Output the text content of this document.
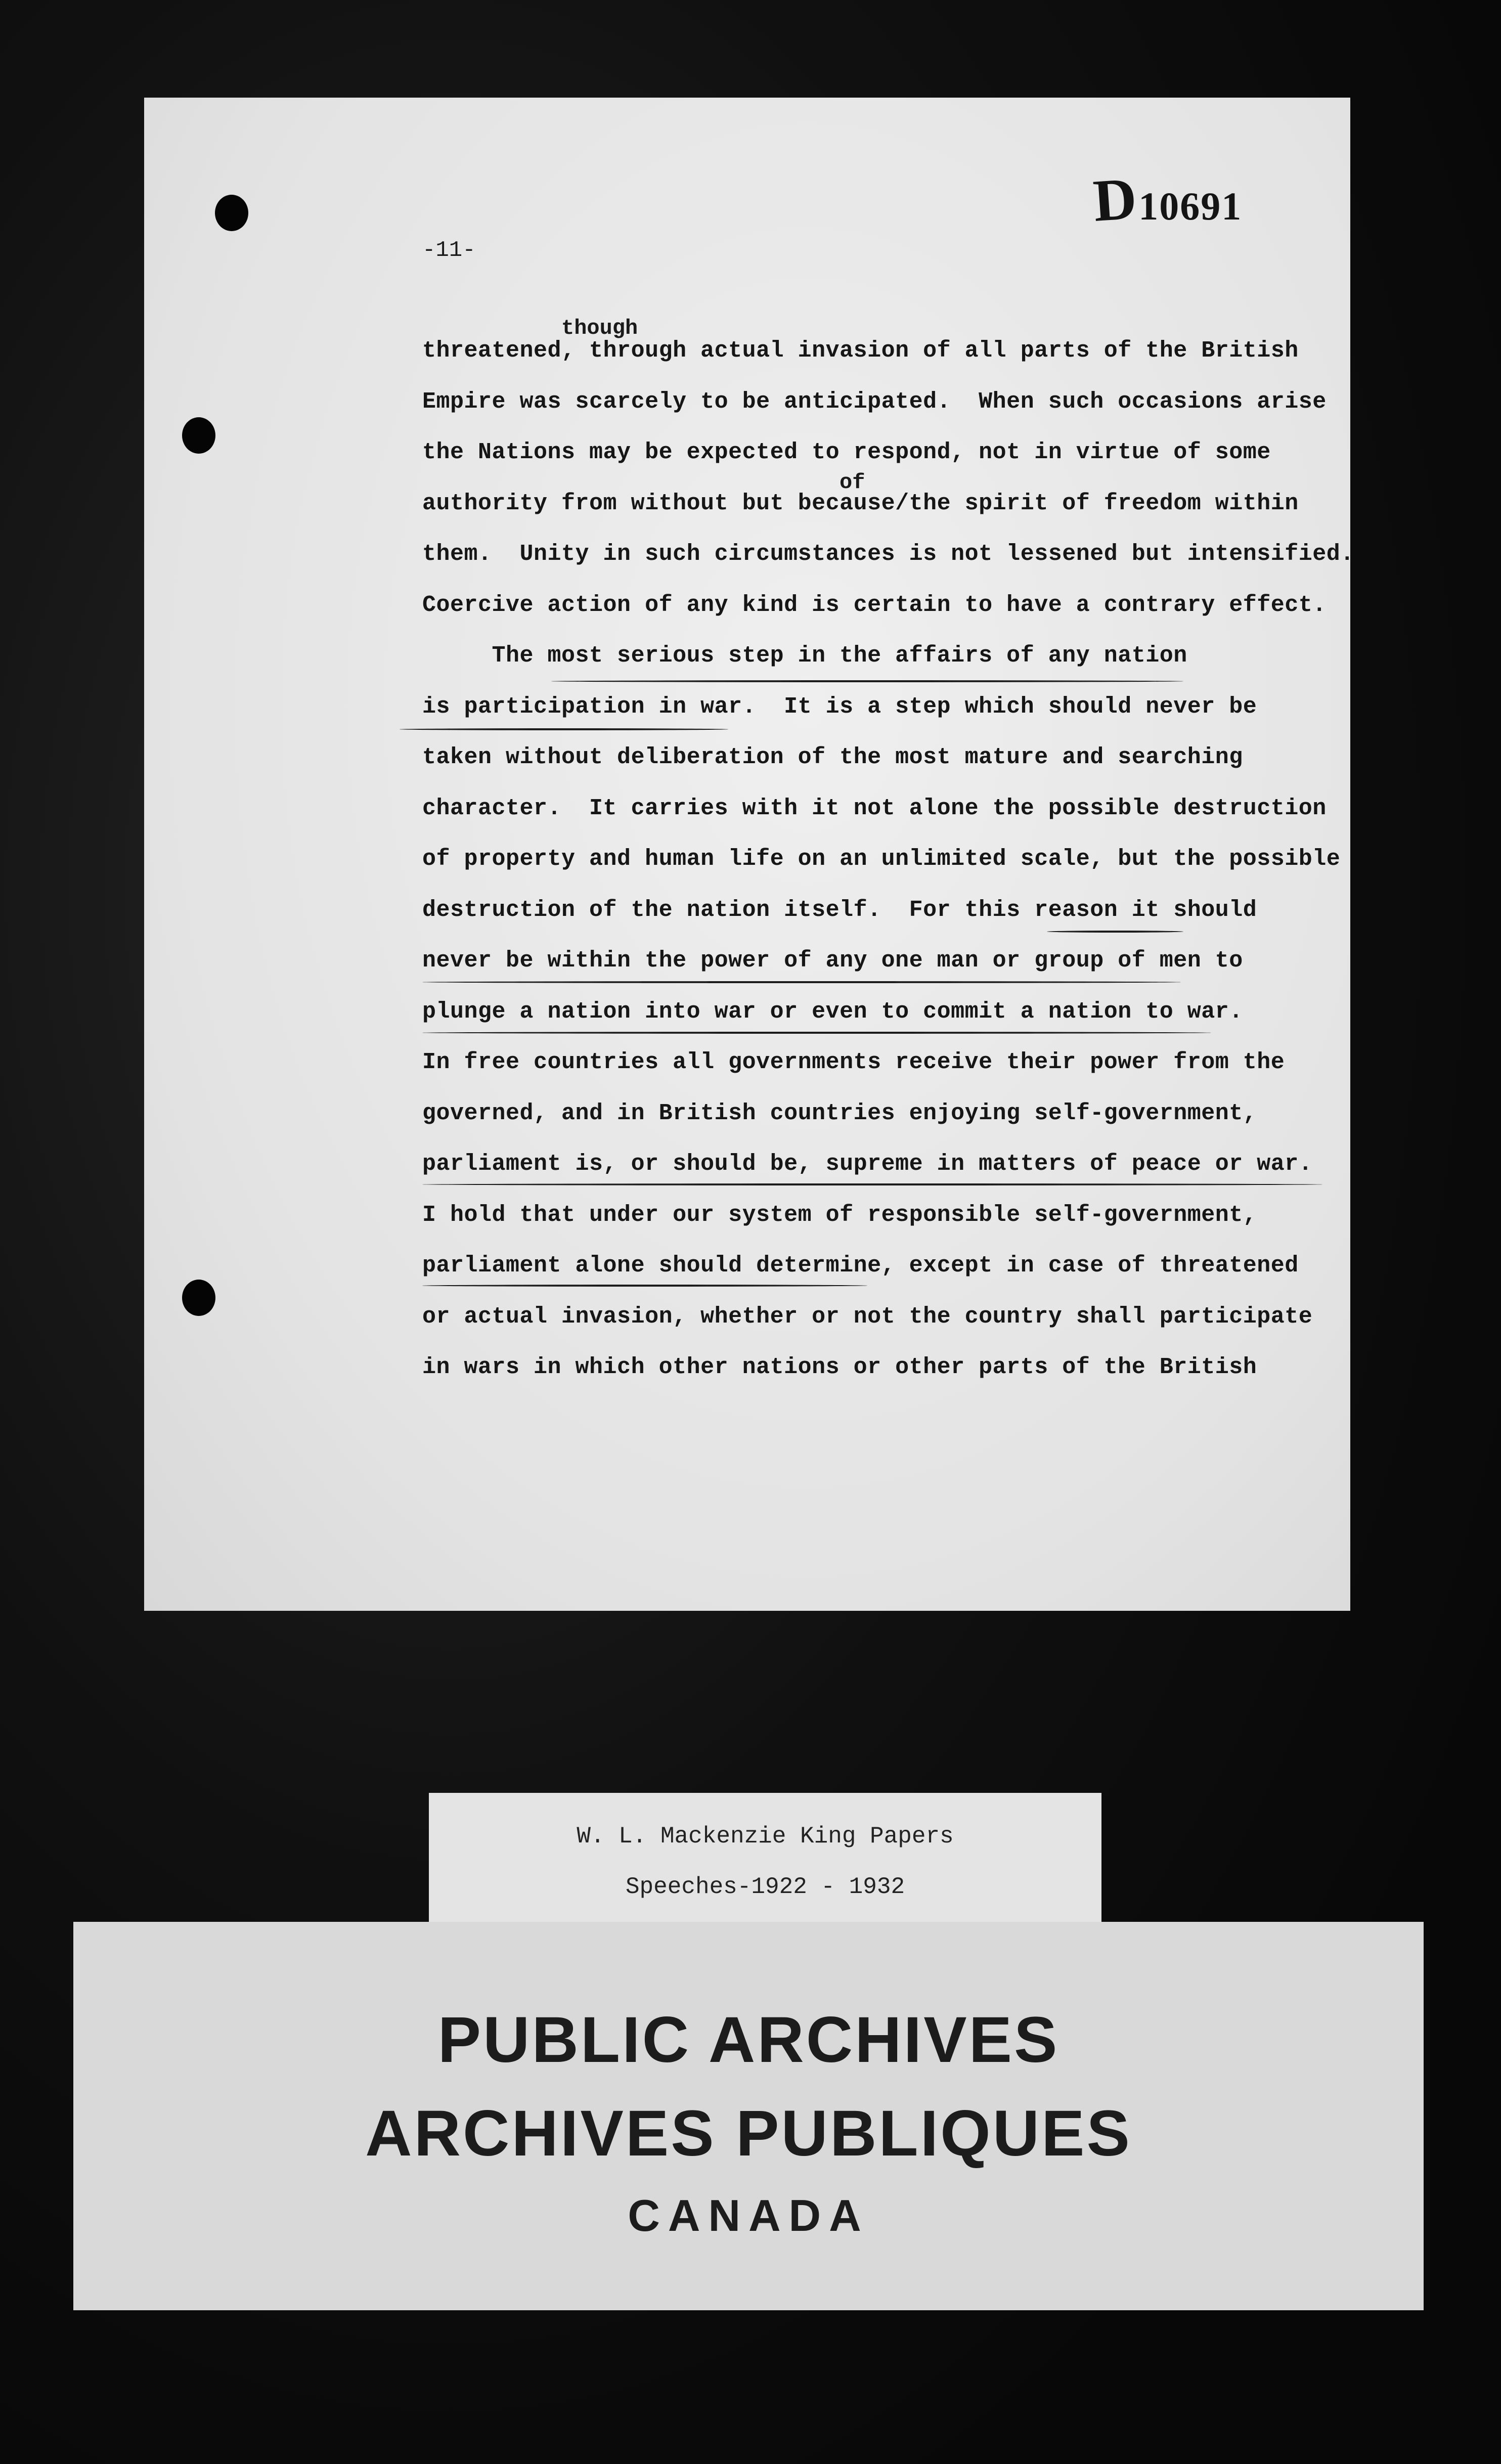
D10691
-11-
though
of
threatened, through actual invasion of all parts of the British
Empire was scarcely to be anticipated.  When such occasions arise
the Nations may be expected to respond, not in virtue of some
authority from without but because/the spirit of freedom within
them.  Unity in such circumstances is not lessened but intensified.
Coercive action of any kind is certain to have a contrary effect.
The most serious step in the affairs of any nation
is participation in war.  It is a step which should never be
taken without deliberation of the most mature and searching
character.  It carries with it not alone the possible destruction
of property and human life on an unlimited scale, but the possible
destruction of the nation itself.  For this reason it should
never be within the power of any one man or group of men to
plunge a nation into war or even to commit a nation to war.
In free countries all governments receive their power from the
governed, and in British countries enjoying self-government,
parliament is, or should be, supreme in matters of peace or war.
I hold that under our system of responsible self-government,
parliament alone should determine, except in case of threatened
or actual invasion, whether or not the country shall participate
in wars in which other nations or other parts of the British
W. L. Mackenzie King Papers
Speeches-1922 - 1932
PUBLIC ARCHIVES
ARCHIVES PUBLIQUES
CANADA
